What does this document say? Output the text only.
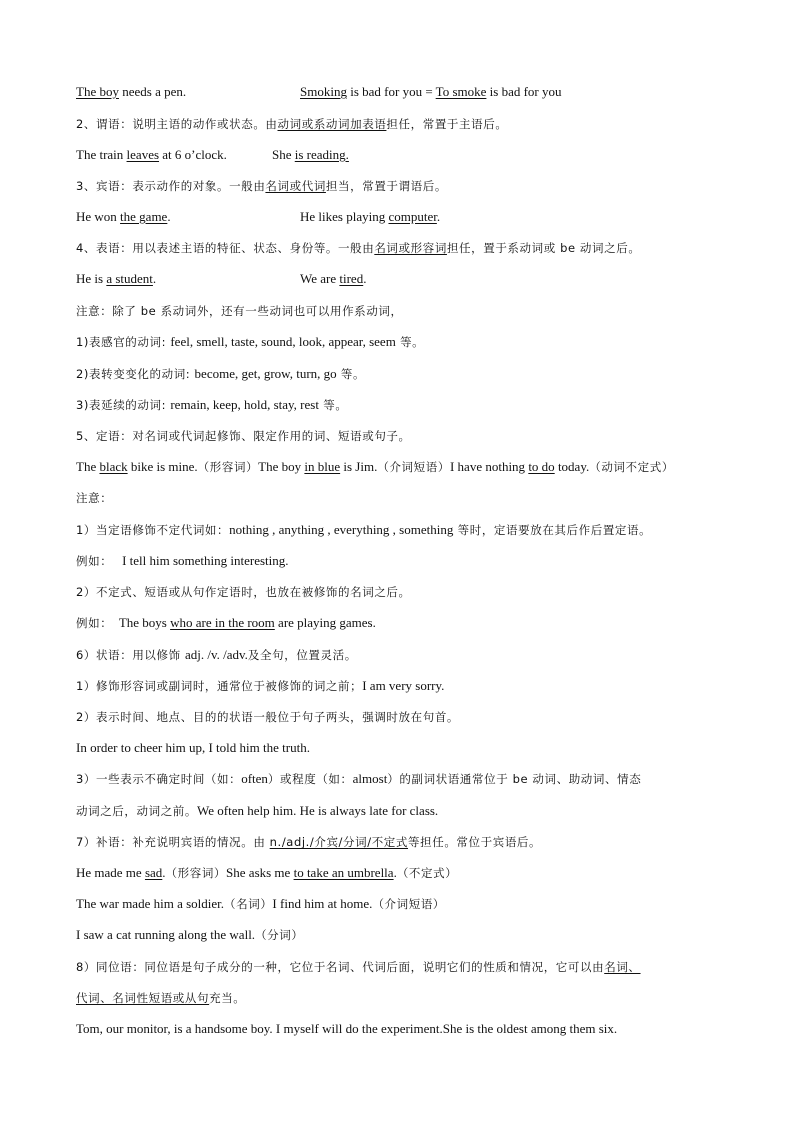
The boy needs a pen.	Smoking is bad for you = To smoke is bad for you
2、谓语：说明主语的动作或状态。由动词或系动词加表语担任，常置于主语后。
The train leaves at 6 o’clock.	She is reading.
3、宾语：表示动作的对象。一般由名词或代词担当，常置于谓语后。
He won the game.	He likes playing computer.
4、表语：用以表述主语的特征、状态、身份等。一般由名词或形容词担任，置于系动词或 be 动词之后。
He is a student.	We are tired.
注意：除了 be 系动词外，还有一些动词也可以用作系动词，
1)表感官的动词: feel, smell, taste, sound, look, appear, seem 等。
2)表转变变化的动词: become, get, grow, turn, go 等。
3)表延续的动词: remain, keep, hold, stay, rest 等。
5、定语：对名词或代词起修饰、限定作用的词、短语或句子。
The black bike is mine.（形容词）The boy in blue is Jim.（介词短语）I have nothing to do today.（动词不定式）
注意：
1）当定语修饰不定代词如：nothing , anything , everything , something 等时，定语要放在其后作后置定语。
例如：   I tell him something interesting.
2）不定式、短语或从句作定语时，也放在被修饰的名词之后。
例如：  The boys who are in the room are playing games.
6）状语：用以修饰 adj. /v. /adv.及全句，位置灵活。
1）修饰形容词或副词时，通常位于被修饰的词之前；I am very sorry.
2）表示时间、地点、目的的状语一般位于句子两头，强调时放在句首。
In order to cheer him up, I told him the truth.
3）一些表示不确定时间（如：often）或程度（如：almost）的副词状语通常位于 be 动词、助动词、情态
动词之后，动词之前。We often help him. He is always late for class.
7）补语：补充说明宾语的情况。由 n./adj./介宾/分词/不定式等担任。常位于宾语后。
He made me sad.（形容词）She asks me to take an umbrella.（不定式）
The war made him a soldier.（名词）I find him at home.（介词短语）
I saw a cat running along the wall.（分词）
8）同位语：同位语是句子成分的一种，它位于名词、代词后面，说明它们的性质和情况，它可以由名词、
代词、名词性短语或从句充当。
Tom, our monitor, is a handsome boy. I myself will do the experiment.She is the oldest among them six.
